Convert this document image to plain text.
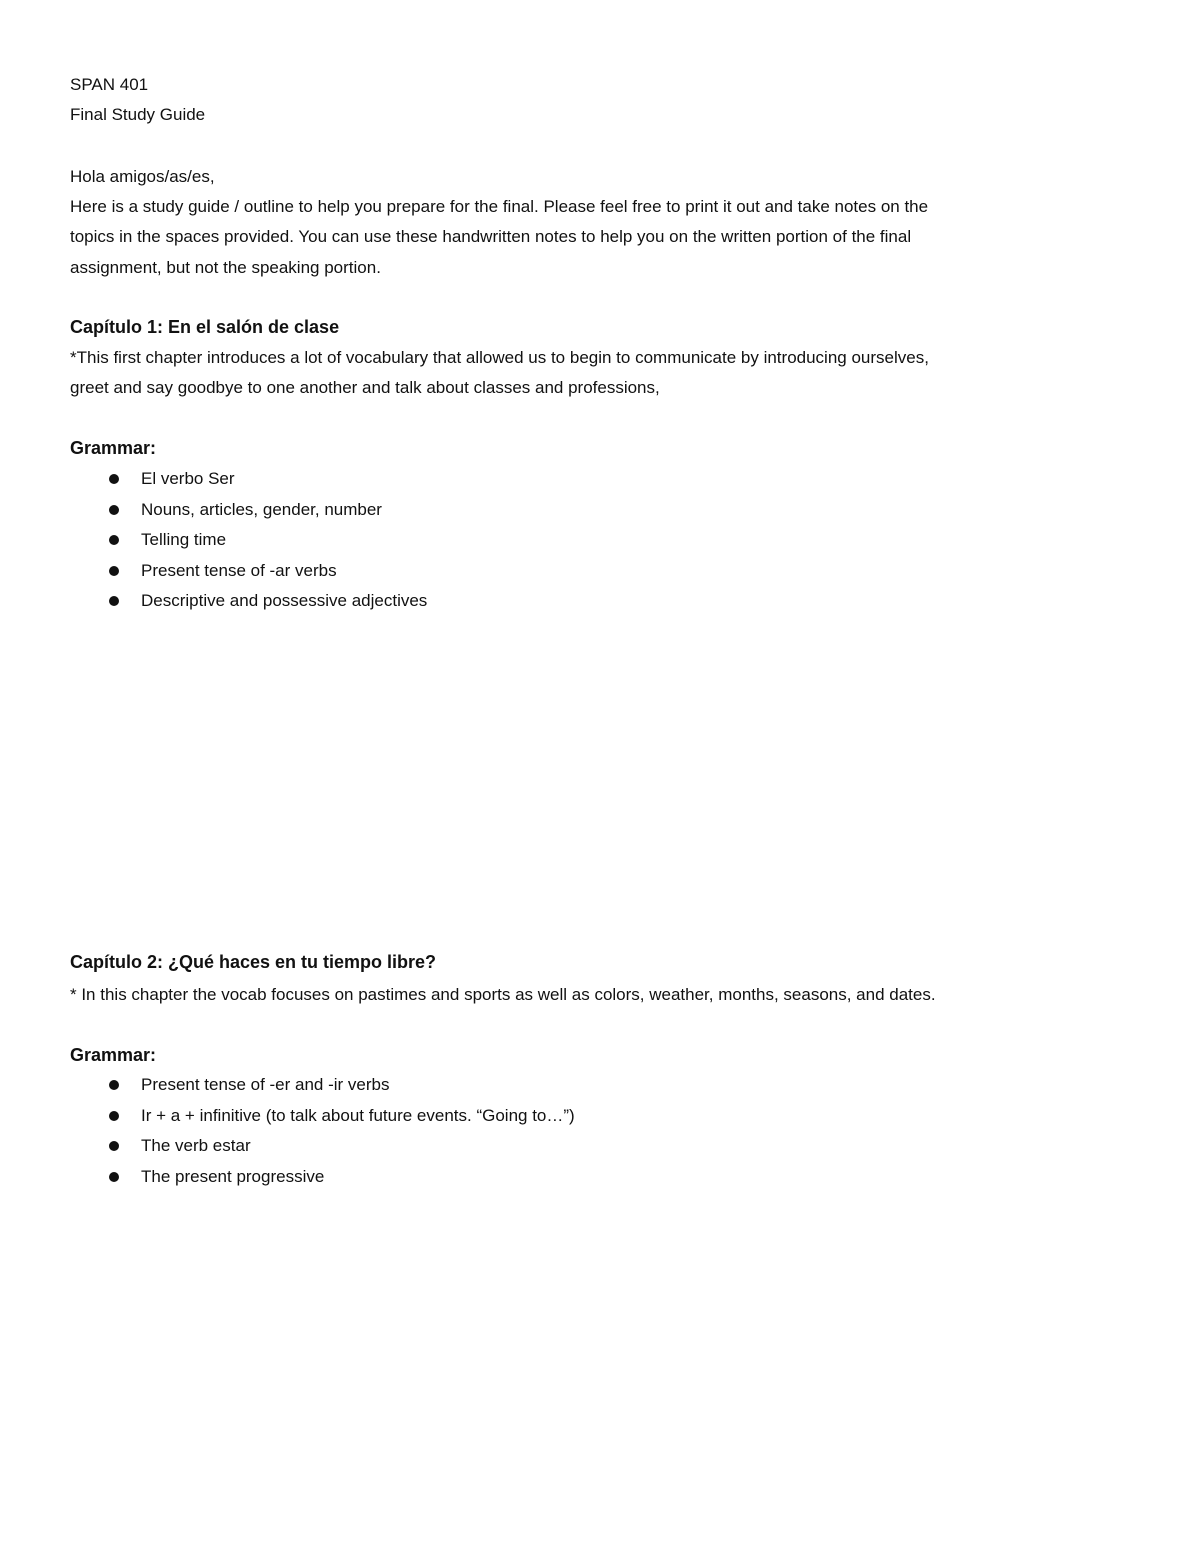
SPAN 401
Final Study Guide
Hola amigos/as/es,
Here is a study guide / outline to help you prepare for the final. Please feel free to print it out and take notes on the
topics in the spaces provided. You can use these handwritten notes to help you on the written portion of the final
assignment, but not the speaking portion.
Capítulo 1: En el salón de clase
*This first chapter introduces a lot of vocabulary that allowed us to begin to communicate by introducing ourselves,
greet and say goodbye to one another and talk about classes and professions,
Grammar:
El verbo Ser
Nouns, articles, gender, number
Telling time
Present tense of -ar verbs
Descriptive and possessive adjectives
Capítulo 2: ¿Qué haces en tu tiempo libre?
* In this chapter the vocab focuses on pastimes and sports as well as colors, weather, months, seasons, and dates.
Grammar:
Present tense of -er and -ir verbs
Ir + a + infinitive (to talk about future events. “Going to…”)
The verb estar
The present progressive
